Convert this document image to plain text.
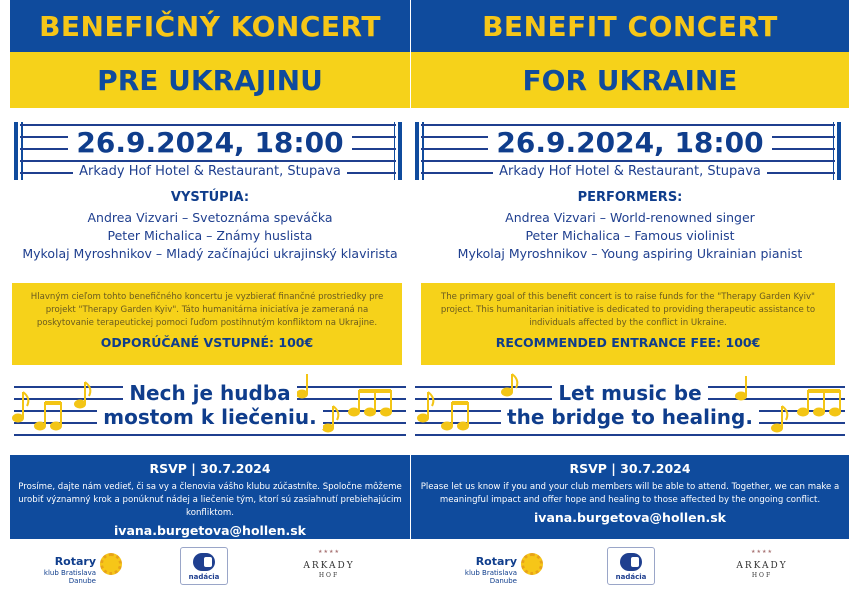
BENEFIČNÝ KONCERT
PRE UKRAJINU
26.9.2024, 18:00
Arkady Hof Hotel & Restaurant, Stupava
VYSTÚPIA:
Andrea Vizvari – Svetoznáma speváčka
Peter Michalica – Známy huslista
Mykolaj Myroshnikov – Mladý začínajúci ukrajinský klavirista
Hlavným cieľom tohto benefičného koncertu je vyzbierať finančné prostriedky pre projekt "Therapy Garden Kyiv". Táto humanitárna iniciatíva je zameraná na poskytovanie terapeutickej pomoci ľuďom postihnutým konfliktom na Ukrajine.
ODPORÚČANÉ VSTUPNÉ: 100€
Nech je hudba
mostom k liečeniu.
RSVP | 30.7.2024
Prosíme, dajte nám vedieť, či sa vy a členovia vášho klubu zúčastníte. Spoločne môžeme urobiť významný krok a ponúknuť nádej a liečenie tým, ktorí sú zasiahnutí prebiehajúcim konfliktom.
ivana.burgetova@hollen.sk
Rotary
klub Bratislava Danube	nadácia
★★★★
ARKADY
HOF
BENEFIT CONCERT
FOR UKRAINE
26.9.2024, 18:00
Arkady Hof Hotel & Restaurant, Stupava
PERFORMERS:
Andrea Vizvari – World-renowned singer
Peter Michalica – Famous violinist
Mykolaj Myroshnikov – Young aspiring Ukrainian pianist
The primary goal of this benefit concert is to raise funds for the "Therapy Garden Kyiv" project. This humanitarian initiative is dedicated to providing therapeutic assistance to individuals affected by the conflict in Ukraine.
RECOMMENDED ENTRANCE FEE: 100€
Let music be
the bridge to healing.
RSVP | 30.7.2024
Please let us know if you and your club members will be able to attend. Together, we can make a meaningful impact and offer hope and healing to those affected by the ongoing conflict.
ivana.burgetova@hollen.sk
Rotary
klub Bratislava Danube	nadácia
★★★★
ARKADY
HOF
